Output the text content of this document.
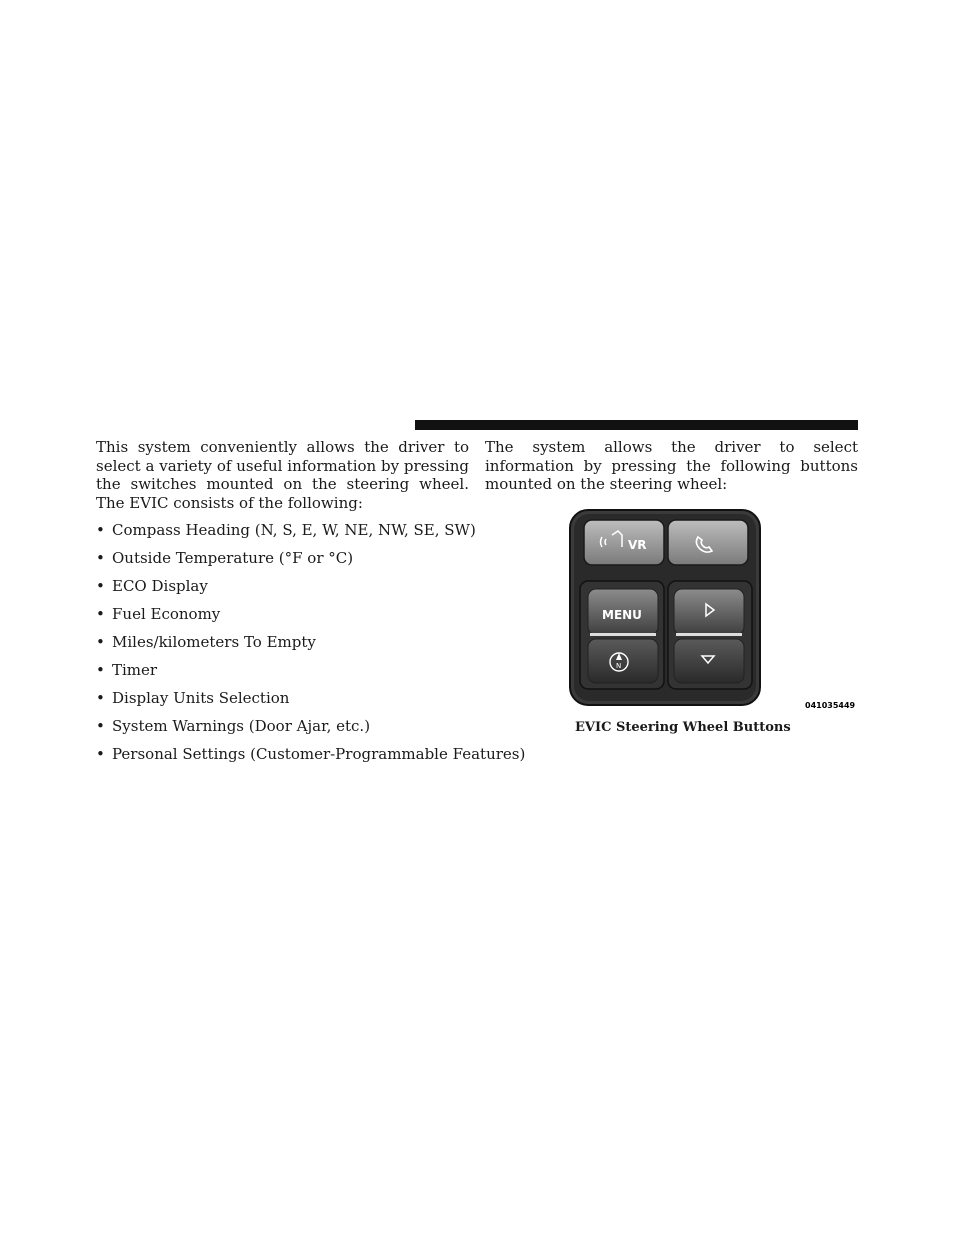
This system conveniently allows the driver to select a variety of useful information by pressing the switches mounted on the steering wheel. The EVIC consists of the following:

• Compass Heading (N, S, E, W, NE, NW, SE, SW)
• Outside Temperature (°F or °C)
• ECO Display
• Fuel Economy
• Miles/kilometers To Empty
• Timer
• Display Units Selection
• System Warnings (Door Ajar, etc.)
• Personal Settings (Customer-Programmable Features)

The system allows the driver to select information by pressing the following buttons mounted on the steering wheel:

VR
MENU
N
041035449
EVIC Steering Wheel Buttons
